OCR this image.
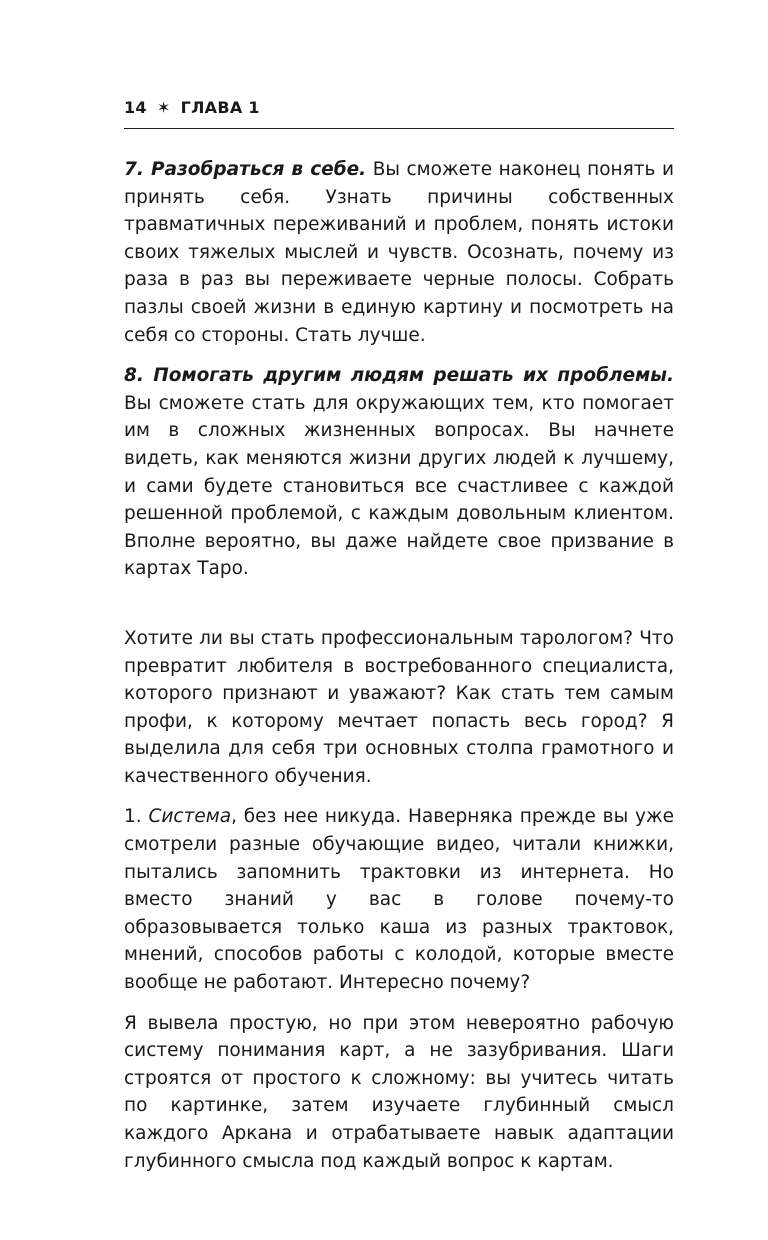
14 ✶ ГЛАВА 1

7. Разобраться в себе. Вы сможете наконец понять и принять себя. Узнать причины собственных травматичных переживаний и проблем, понять истоки своих тяжелых мыслей и чувств. Осознать, почему из раза в раз вы переживаете черные полосы. Собрать пазлы своей жизни в единую картину и посмотреть на себя со стороны. Стать лучше.

8. Помогать другим людям решать их проблемы. Вы сможете стать для окружающих тем, кто помогает им в сложных жизненных вопросах. Вы начнете видеть, как меняются жизни других людей к лучшему, и сами будете становиться все счастливее с каждой решенной проблемой, с каждым довольным клиентом. Вполне вероятно, вы даже найдете свое призвание в картах Таро.

Хотите ли вы стать профессиональным тарологом? Что превратит любителя в востребованного специалиста, которого признают и уважают? Как стать тем самым профи, к которому мечтает попасть весь город? Я выделила для себя три основных столпа грамотного и качественного обучения.

1. Система, без нее никуда. Наверняка прежде вы уже смотрели разные обучающие видео, читали книжки, пытались запомнить трактовки из интернета. Но вместо знаний у вас в голове почему-то образовывается только каша из разных трактовок, мнений, способов работы с колодой, которые вместе вообще не работают. Интересно почему?

Я вывела простую, но при этом невероятно рабочую систему понимания карт, а не зазубривания. Шаги строятся от простого к сложному: вы учитесь читать по картинке, затем изучаете глубинный смысл каждого Аркана и отрабатываете навык адаптации глубинного смысла под каждый вопрос к картам.
